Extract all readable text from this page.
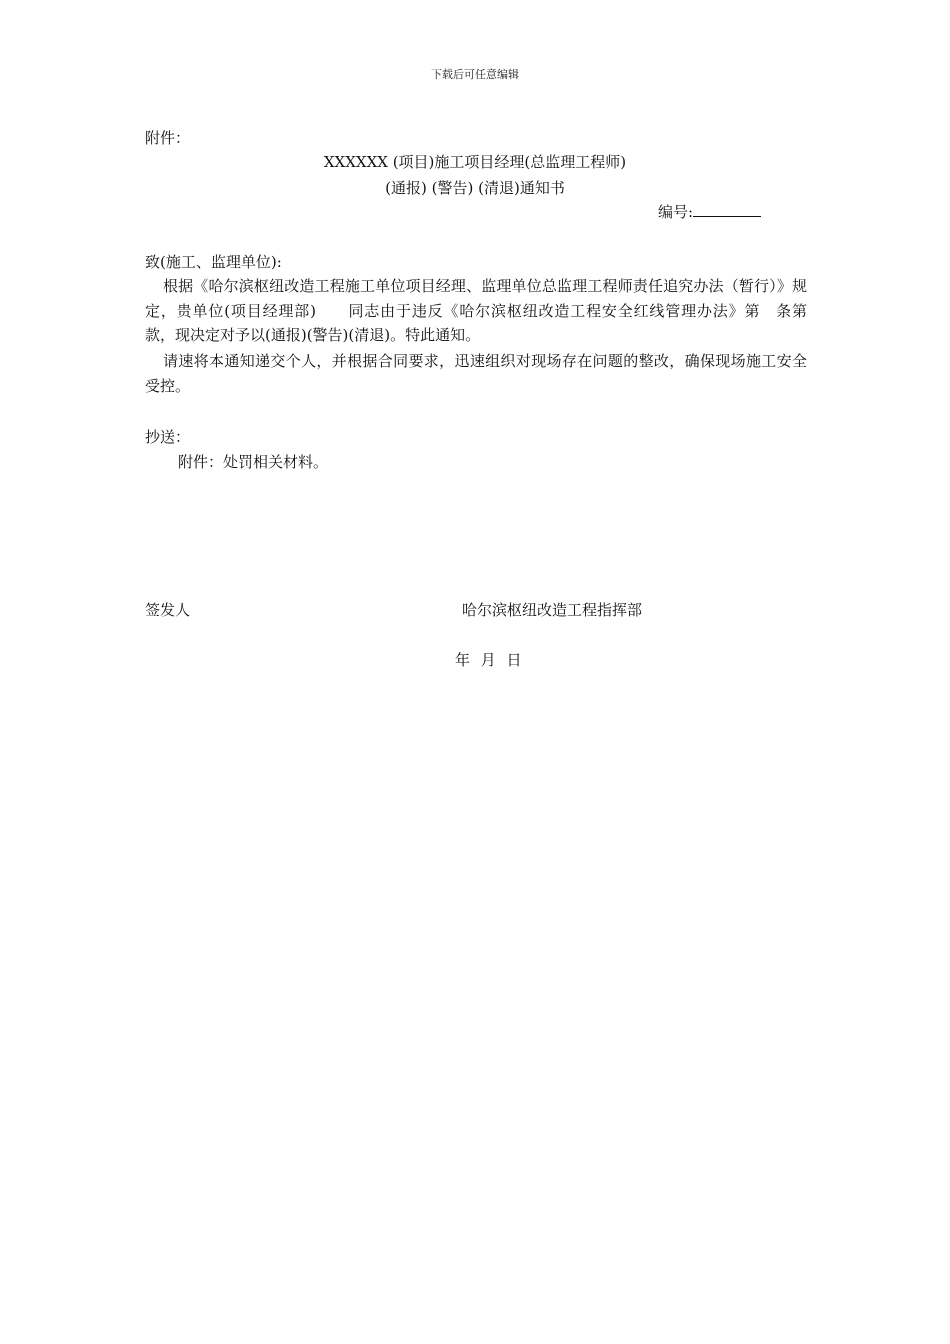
下载后可任意编辑
附件：
XXXXXX (项目)施工项目经理(总监理工程师)
(通报) (警告) (清退)通知书
编号:
致(施工、监理单位):
根据《哈尔滨枢纽改造工程施工单位项目经理、监理单位总监理工程师责任追究办法（暂行）》规定，贵单位(项目经理部)　　同志由于违反《哈尔滨枢纽改造工程安全红线管理办法》第　条第　款，现决定对予以(通报)(警告)(清退)。特此通知。
请速将本通知递交个人，并根据合同要求，迅速组织对现场存在问题的整改，确保现场施工安全受控。
抄送：
附件：处罚相关材料。
签发人	哈尔滨枢纽改造工程指挥部
年 月 日
